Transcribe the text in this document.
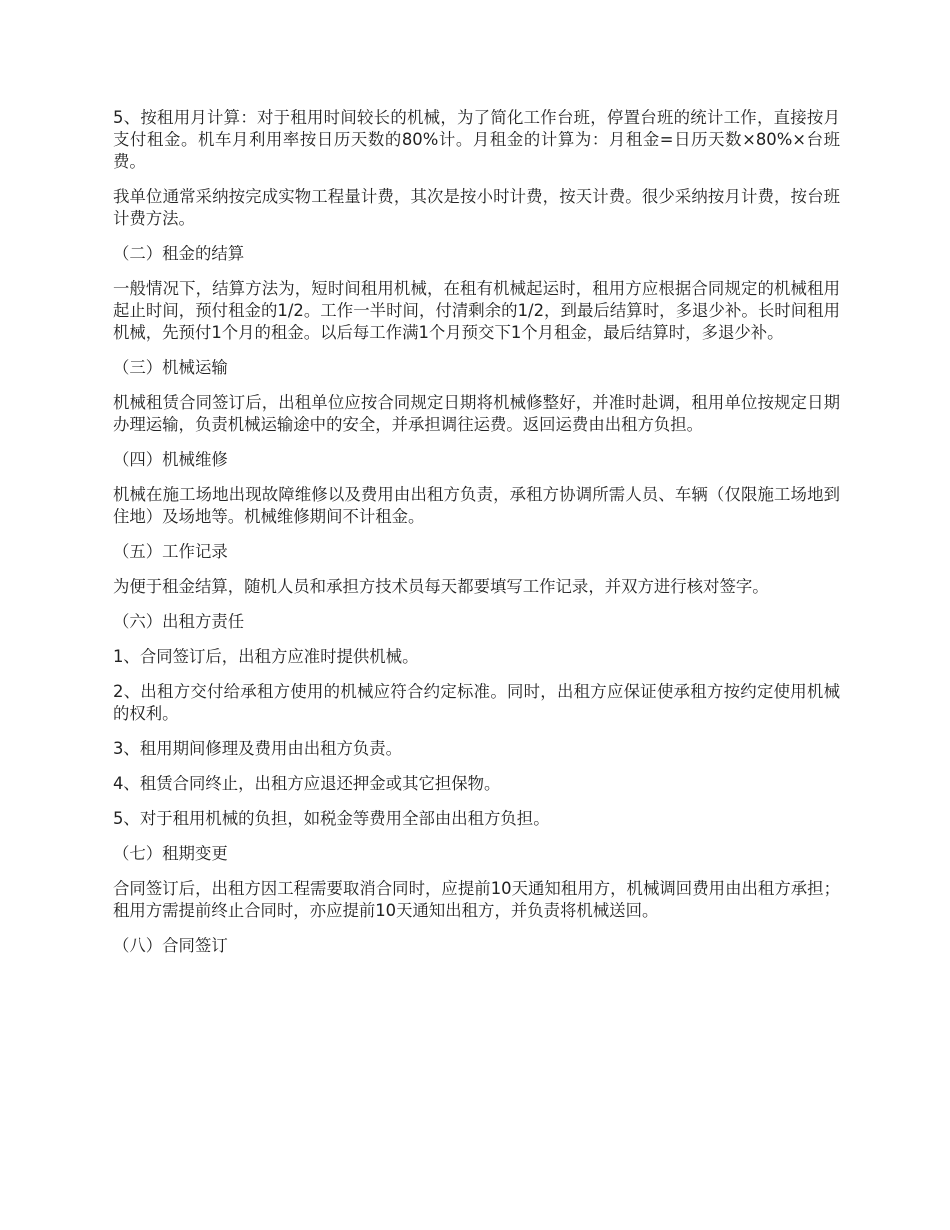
5、按租用月计算：对于租用时间较长的机械，为了简化工作台班，停置台班的统计工作，直接按月支付租金。机车月利用率按日历天数的80%计。月租金的计算为：月租金=日历天数×80%×台班费。

我单位通常采纳按完成实物工程量计费，其次是按小时计费，按天计费。很少采纳按月计费，按台班计费方法。

（二）租金的结算

一般情况下，结算方法为，短时间租用机械，在租有机械起运时，租用方应根据合同规定的机械租用起止时间，预付租金的1/2。工作一半时间，付清剩余的1/2，到最后结算时，多退少补。长时间租用机械，先预付1个月的租金。以后每工作满1个月预交下1个月租金，最后结算时，多退少补。

（三）机械运输

机械租赁合同签订后，出租单位应按合同规定日期将机械修整好，并准时赴调，租用单位按规定日期办理运输，负责机械运输途中的安全，并承担调往运费。返回运费由出租方负担。

（四）机械维修

机械在施工场地出现故障维修以及费用由出租方负责，承租方协调所需人员、车辆（仅限施工场地到住地）及场地等。机械维修期间不计租金。

（五）工作记录

为便于租金结算，随机人员和承担方技术员每天都要填写工作记录，并双方进行核对签字。

（六）出租方责任

1、合同签订后，出租方应准时提供机械。

2、出租方交付给承租方使用的机械应符合约定标准。同时，出租方应保证使承租方按约定使用机械的权利。

3、租用期间修理及费用由出租方负责。

4、租赁合同终止，出租方应退还押金或其它担保物。

5、对于租用机械的负担，如税金等费用全部由出租方负担。

（七）租期变更

合同签订后，出租方因工程需要取消合同时，应提前10天通知租用方，机械调回费用由出租方承担；租用方需提前终止合同时，亦应提前10天通知出租方，并负责将机械送回。

（八）合同签订
